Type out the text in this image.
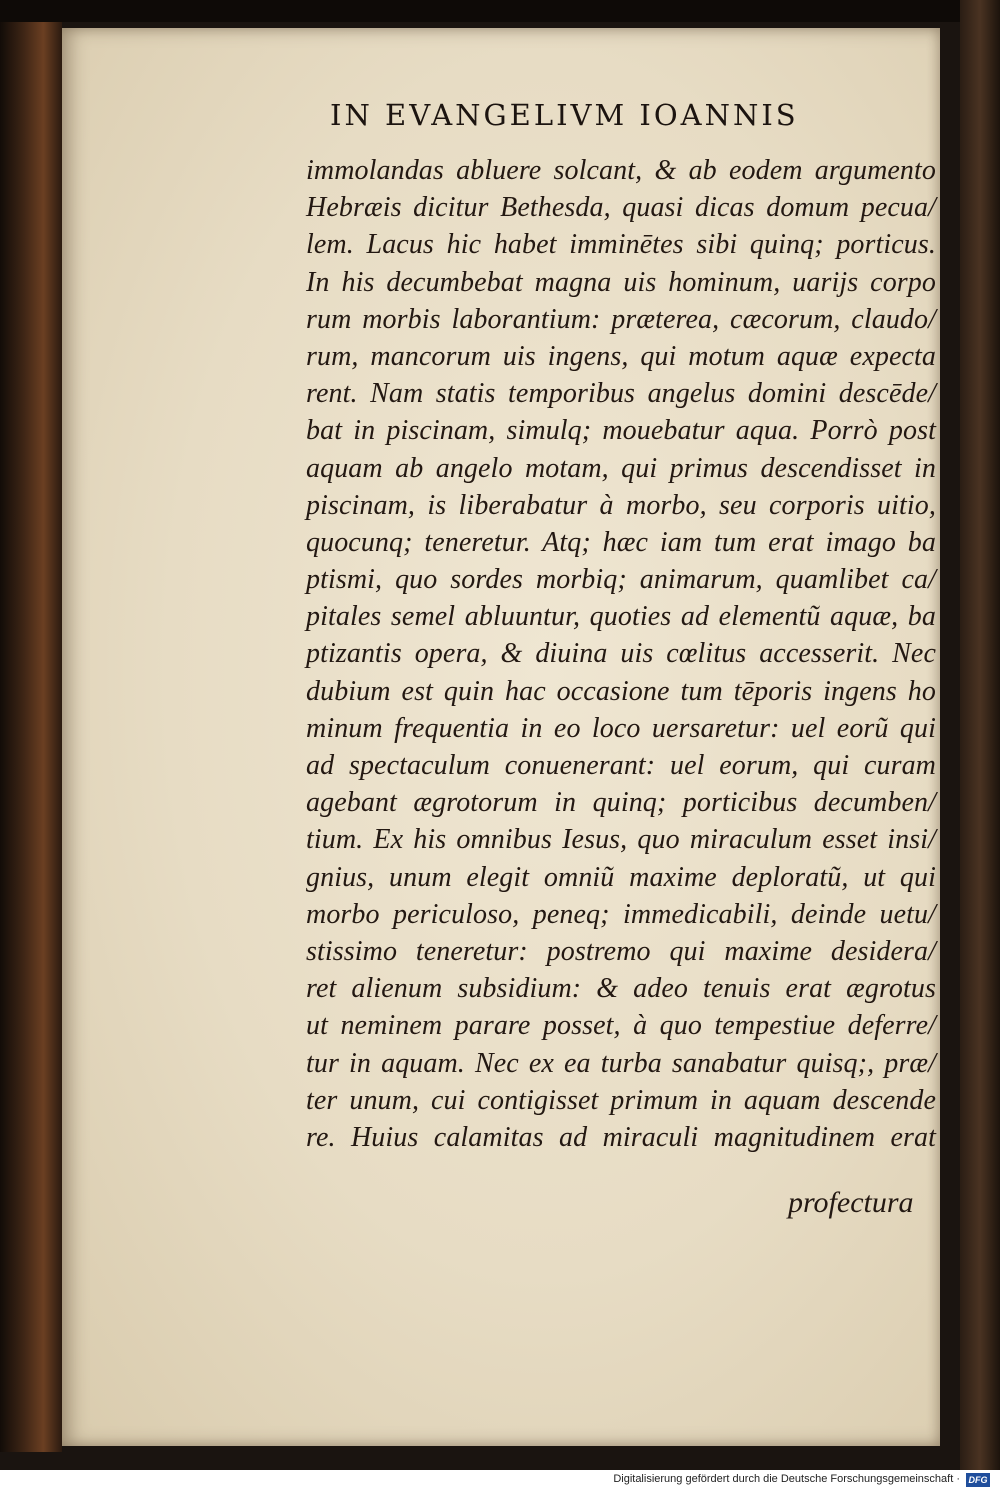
IN EVANGELIVM IOANNIS
immolandas abluere solcant, & ab eodem argumento
Hebræis dicitur Bethesda, quasi dicas domum pecua/
lem. Lacus hic habet imminētes sibi quinq; porticus.
In his decumbebat magna uis hominum, uarijs corpo
rum morbis laborantium: præterea, cæcorum, claudo/
rum, mancorum uis ingens, qui motum aquæ expecta
rent. Nam statis temporibus angelus domini descēde/
bat in piscinam, simulq; mouebatur aqua. Porrò post
aquam ab angelo motam, qui primus descendisset in
piscinam, is liberabatur à morbo, seu corporis uitio,
quocunq; teneretur. Atq; hæc iam tum erat imago ba
ptismi, quo sordes morbiq; animarum, quamlibet ca/
pitales semel abluuntur, quoties ad elementũ aquæ, ba
ptizantis opera, & diuina uis cœlitus accesserit. Nec
dubium est quin hac occasione tum tēporis ingens ho
minum frequentia in eo loco uersaretur: uel eorũ qui
ad spectaculum conuenerant: uel eorum, qui curam
agebant ægrotorum in quinq; porticibus decumben/
tium. Ex his omnibus Iesus, quo miraculum esset insi/
gnius, unum elegit omniũ maxime deploratũ, ut qui
morbo periculoso, peneq; immedicabili, deinde uetu/
stissimo teneretur: postremo qui maxime desidera/
ret alienum subsidium: & adeo tenuis erat ægrotus
ut neminem parare posset, à quo tempestiue deferre/
tur in aquam. Nec ex ea turba sanabatur quisq;, præ/
ter unum, cui contigisset primum in aquam descende
re. Huius calamitas ad miraculi magnitudinem erat
profectura
Digitalisierung gefördert durch die Deutsche Forschungsgemeinschaft · DFG
